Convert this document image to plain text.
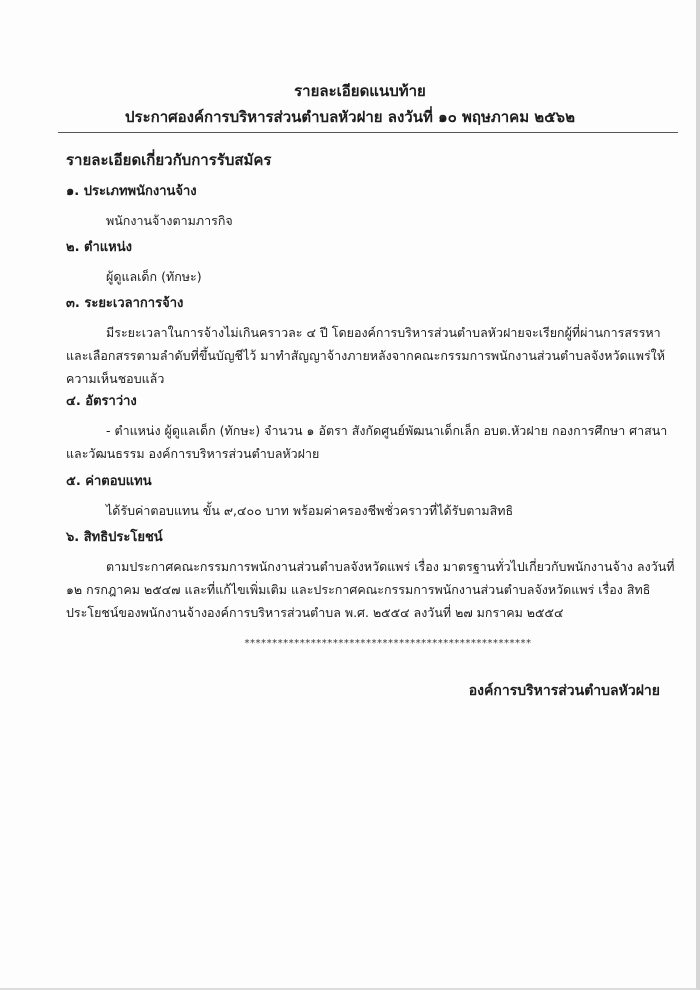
รายละเอียดแนบท้าย
ประกาศองค์การบริหารส่วนตำบลหัวฝาย ลงวันที่ ๑๐ พฤษภาคม ๒๕๖๒
รายละเอียดเกี่ยวกับการรับสมัคร
๑. ประเภทพนักงานจ้าง
พนักงานจ้างตามภารกิจ
๒. ตำแหน่ง
ผู้ดูแลเด็ก (ทักษะ)
๓. ระยะเวลาการจ้าง
มีระยะเวลาในการจ้างไม่เกินคราวละ ๔ ปี โดยองค์การบริหารส่วนตำบลหัวฝายจะเรียกผู้ที่ผ่านการสรรหาและเลือกสรรตามลำดับที่ขึ้นบัญชีไว้ มาทำสัญญาจ้างภายหลังจากคณะกรรมการพนักงานส่วนตำบลจังหวัดแพร่ให้ความเห็นชอบแล้ว
๔. อัตราว่าง
- ตำแหน่ง ผู้ดูแลเด็ก (ทักษะ) จำนวน ๑ อัตรา สังกัดศูนย์พัฒนาเด็กเล็ก อบต.หัวฝาย กองการศึกษา ศาสนาและวัฒนธรรม องค์การบริหารส่วนตำบลหัวฝาย
๕. ค่าตอบแทน
ได้รับค่าตอบแทน ขั้น ๙,๔๐๐ บาท พร้อมค่าครองชีพชั่วคราวที่ได้รับตามสิทธิ
๖. สิทธิประโยชน์
ตามประกาศคณะกรรมการพนักงานส่วนตำบลจังหวัดแพร่ เรื่อง มาตรฐานทั่วไปเกี่ยวกับพนักงานจ้าง ลงวันที่ ๑๒ กรกฎาคม ๒๕๔๗ และที่แก้ไขเพิ่มเติม และประกาศคณะกรรมการพนักงานส่วนตำบลจังหวัดแพร่ เรื่อง สิทธิประโยชน์ของพนักงานจ้างองค์การบริหารส่วนตำบล พ.ศ. ๒๕๕๔ ลงวันที่ ๒๗ มกราคม ๒๕๕๔
****************************************************
องค์การบริหารส่วนตำบลหัวฝาย
